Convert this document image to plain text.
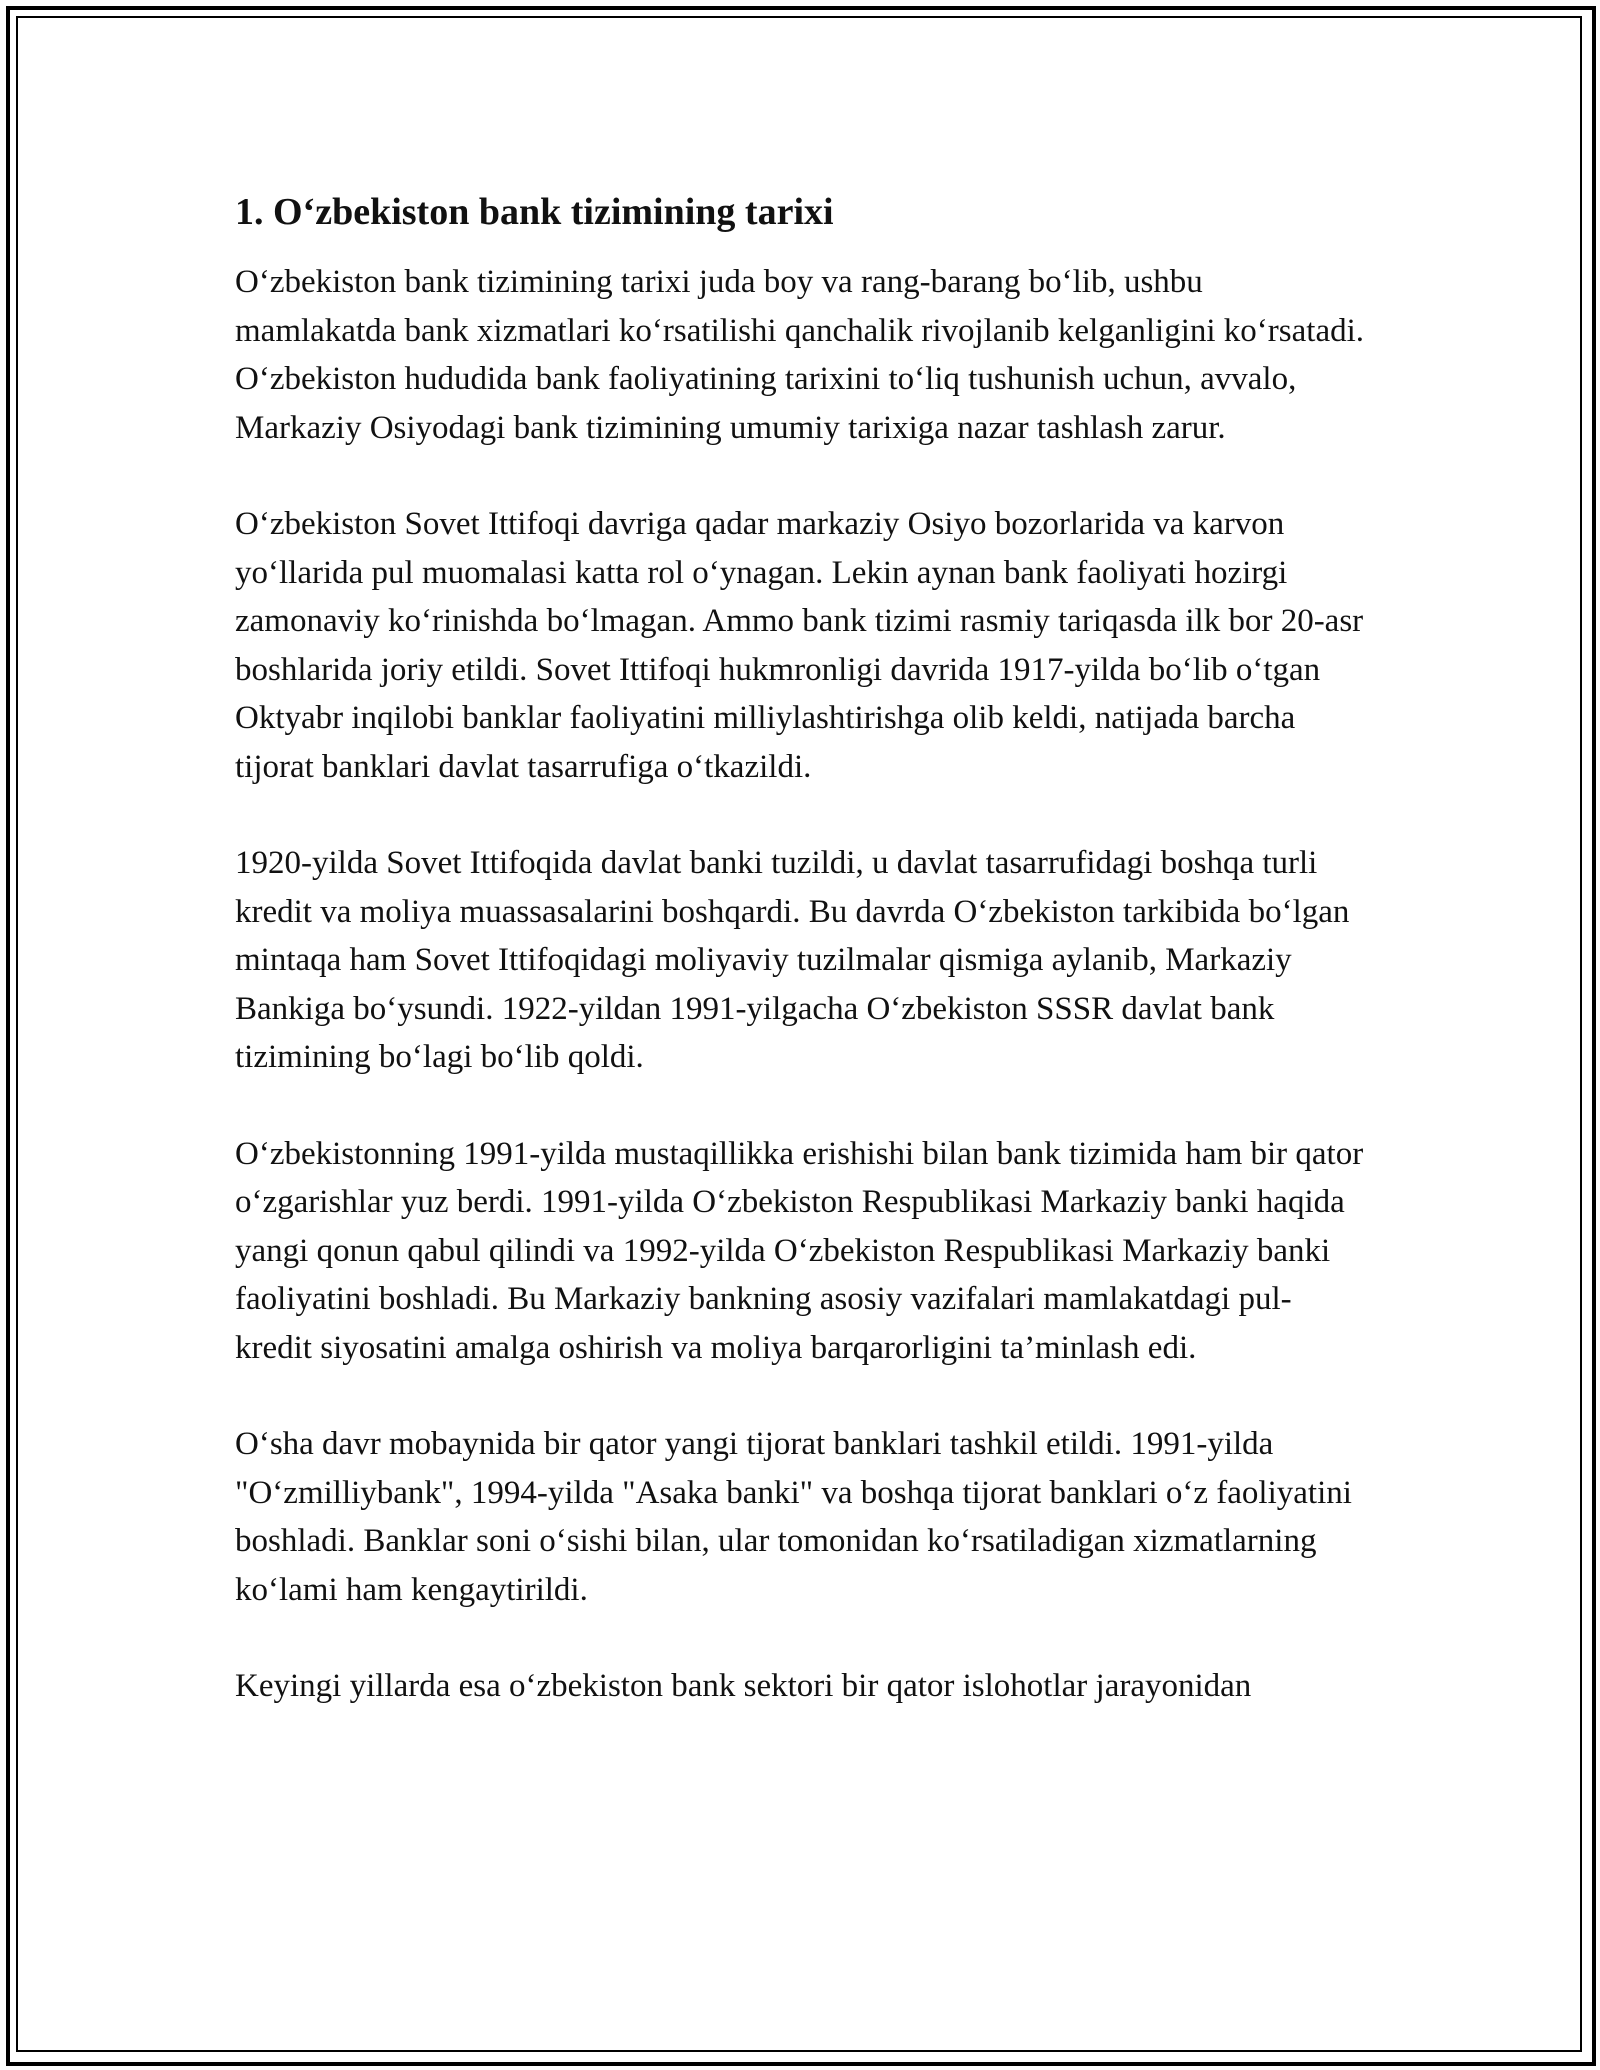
1. O‘zbekiston bank tizimining tarixi

O‘zbekiston bank tizimining tarixi juda boy va rang-barang bo‘lib, ushbu mamlakatda bank xizmatlari ko‘rsatilishi qanchalik rivojlanib kelganligini ko‘rsatadi. O‘zbekiston hududida bank faoliyatining tarixini to‘liq tushunish uchun, avvalo, Markaziy Osiyodagi bank tizimining umumiy tarixiga nazar tashlash zarur.

O‘zbekiston Sovet Ittifoqi davriga qadar markaziy Osiyo bozorlarida va karvon yo‘llarida pul muomalasi katta rol o‘ynagan. Lekin aynan bank faoliyati hozirgi zamonaviy ko‘rinishda bo‘lmagan. Ammo bank tizimi rasmiy tariqasda ilk bor 20-asr boshlarida joriy etildi. Sovet Ittifoqi hukmronligi davrida 1917-yilda bo‘lib o‘tgan Oktyabr inqilobi banklar faoliyatini milliylashtirishga olib keldi, natijada barcha tijorat banklari davlat tasarrufiga o‘tkazildi.

1920-yilda Sovet Ittifoqida davlat banki tuzildi, u davlat tasarrufidagi boshqa turli kredit va moliya muassasalarini boshqardi. Bu davrda O‘zbekiston tarkibida bo‘lgan mintaqa ham Sovet Ittifoqidagi moliyaviy tuzilmalar qismiga aylanib, Markaziy Bankiga bo‘ysundi. 1922-yildan 1991-yilgacha O‘zbekiston SSSR davlat bank tizimining bo‘lagi bo‘lib qoldi.

O‘zbekistonning 1991-yilda mustaqillikka erishishi bilan bank tizimida ham bir qator o‘zgarishlar yuz berdi. 1991-yilda O‘zbekiston Respublikasi Markaziy banki haqida yangi qonun qabul qilindi va 1992-yilda O‘zbekiston Respublikasi Markaziy banki faoliyatini boshladi. Bu Markaziy bankning asosiy vazifalari mamlakatdagi pul-kredit siyosatini amalga oshirish va moliya barqarorligini ta’minlash edi.

O‘sha davr mobaynida bir qator yangi tijorat banklari tashkil etildi. 1991-yilda "O‘zmilliybank", 1994-yilda "Asaka banki" va boshqa tijorat banklari o‘z faoliyatini boshladi. Banklar soni o‘sishi bilan, ular tomonidan ko‘rsatiladigan xizmatlarning ko‘lami ham kengaytirildi.

Keyingi yillarda esa o‘zbekiston bank sektori bir qator islohotlar jarayonidan
